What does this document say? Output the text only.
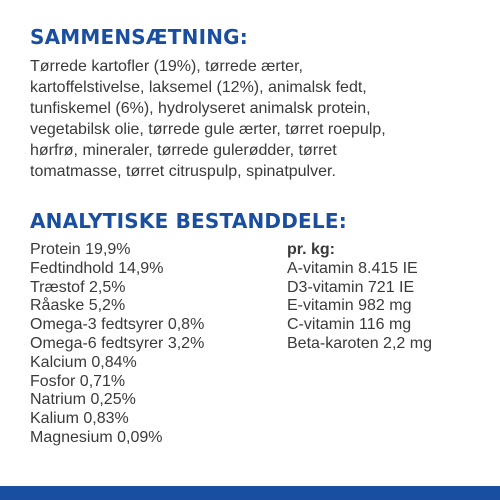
SAMMENSÆTNING:

Tørrede kartofler (19%), tørrede ærter,
kartoffelstivelse, laksemel (12%), animalsk fedt,
tunfiskemel (6%), hydrolyseret animalsk protein,
vegetabilsk olie, tørrede gule ærter, tørret roepulp,
hørfrø, mineraler, tørrede gulerødder, tørret
tomatmasse, tørret citruspulp, spinatpulver.

ANALYTISKE BESTANDDELE:
Protein 19,9%
Fedtindhold 14,9%
Træstof 2,5%
Råaske 5,2%
Omega-3 fedtsyrer 0,8%
Omega-6 fedtsyrer 3,2%
Kalcium 0,84%
Fosfor 0,71%
Natrium 0,25%
Kalium 0,83%
Magnesium 0,09%
pr. kg:
A-vitamin 8.415 IE
D3-vitamin 721 IE
E-vitamin 982 mg
C-vitamin 116 mg
Beta-karoten 2,2 mg
